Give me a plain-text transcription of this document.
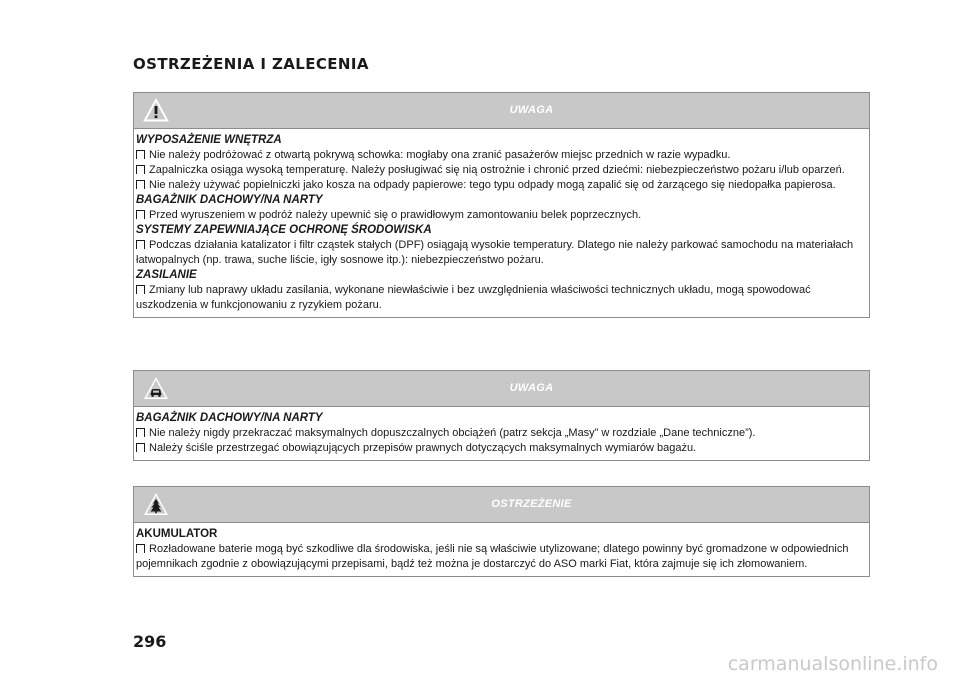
OSTRZEŻENIA I ZALECENIA
UWAGA
WYPOSAŻENIE WNĘTRZA

Nie należy podróżować z otwartą pokrywą schowka: mogłaby ona zranić pasażerów miejsc przednich w razie wypadku.

Zapalniczka osiąga wysoką temperaturę. Należy posługiwać się nią ostrożnie i chronić przed dziećmi: niebezpieczeństwo pożaru i/lub oparzeń.

Nie należy używać popielniczki jako kosza na odpady papierowe: tego typu odpady mogą zapalić się od żarzącego się niedopałka papierosa.

BAGAŻNIK DACHOWY/NA NARTY

Przed wyruszeniem w podróż należy upewnić się o prawidłowym zamontowaniu belek poprzecznych.

SYSTEMY ZAPEWNIAJĄCE OCHRONĘ ŚRODOWISKA

Podczas działania katalizator i filtr cząstek stałych (DPF) osiągają wysokie temperatury. Dlatego nie należy parkować samochodu na materiałach łatwopalnych (np. trawa, suche liście, igły sosnowe itp.): niebezpieczeństwo pożaru.

ZASILANIE

Zmiany lub naprawy układu zasilania, wykonane niewłaściwie i bez uwzględnienia właściwości technicznych układu, mogą spowodować uszkodzenia w funkcjonowaniu z ryzykiem pożaru.

UWAGA
BAGAŻNIK DACHOWY/NA NARTY

Nie należy nigdy przekraczać maksymalnych dopuszczalnych obciążeń (patrz sekcja „Masy” w rozdziale „Dane techniczne”).

Należy ściśle przestrzegać obowiązujących przepisów prawnych dotyczących maksymalnych wymiarów bagażu.

OSTRZEŻENIE
AKUMULATOR

Rozładowane baterie mogą być szkodliwe dla środowiska, jeśli nie są właściwie utylizowane; dlatego powinny być gromadzone w odpowiednich pojemnikach zgodnie z obowiązującymi przepisami, bądź też można je dostarczyć do ASO marki Fiat, która zajmuje się ich złomowaniem.

296
carmanualsonline.info
